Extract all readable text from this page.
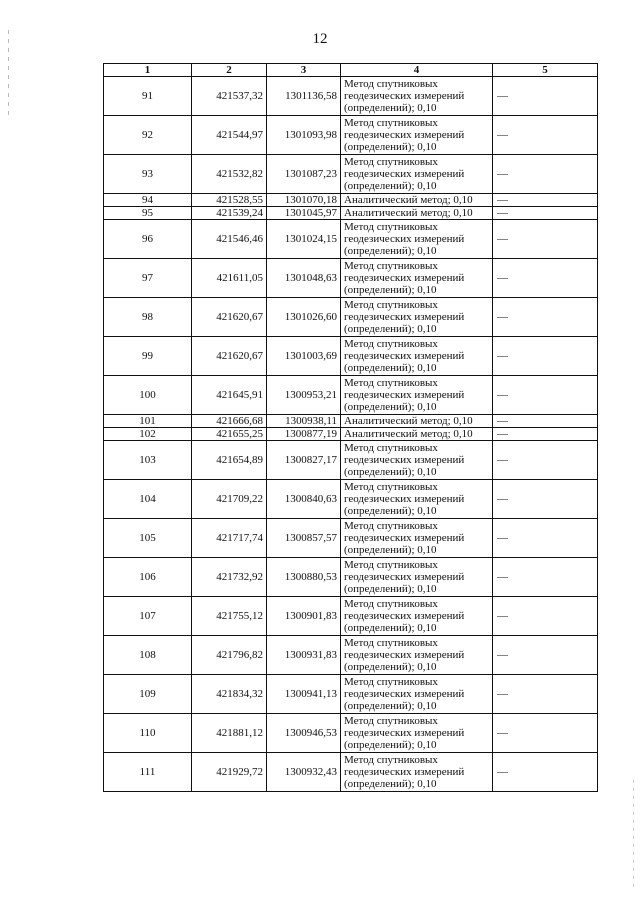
12
1	2	3	4	5
91	421537,32	1301136,58	Метод спутниковых геодезических измерений (определений); 0,10	—
92	421544,97	1301093,98	Метод спутниковых геодезических измерений (определений); 0,10	—
93	421532,82	1301087,23	Метод спутниковых геодезических измерений (определений); 0,10	—
94	421528,55	1301070,18	Аналитический метод; 0,10	—
95	421539,24	1301045,97	Аналитический метод; 0,10	—
96	421546,46	1301024,15	Метод спутниковых геодезических измерений (определений); 0,10	—
97	421611,05	1301048,63	Метод спутниковых геодезических измерений (определений); 0,10	—
98	421620,67	1301026,60	Метод спутниковых геодезических измерений (определений); 0,10	—
99	421620,67	1301003,69	Метод спутниковых геодезических измерений (определений); 0,10	—
100	421645,91	1300953,21	Метод спутниковых геодезических измерений (определений); 0,10	—
101	421666,68	1300938,11	Аналитический метод; 0,10	—
102	421655,25	1300877,19	Аналитический метод; 0,10	—
103	421654,89	1300827,17	Метод спутниковых геодезических измерений (определений); 0,10	—
104	421709,22	1300840,63	Метод спутниковых геодезических измерений (определений); 0,10	—
105	421717,74	1300857,57	Метод спутниковых геодезических измерений (определений); 0,10	—
106	421732,92	1300880,53	Метод спутниковых геодезических измерений (определений); 0,10	—
107	421755,12	1300901,83	Метод спутниковых геодезических измерений (определений); 0,10	—
108	421796,82	1300931,83	Метод спутниковых геодезических измерений (определений); 0,10	—
109	421834,32	1300941,13	Метод спутниковых геодезических измерений (определений); 0,10	—
110	421881,12	1300946,53	Метод спутниковых геодезических измерений (определений); 0,10	—
111	421929,72	1300932,43	Метод спутниковых геодезических измерений (определений); 0,10	—
